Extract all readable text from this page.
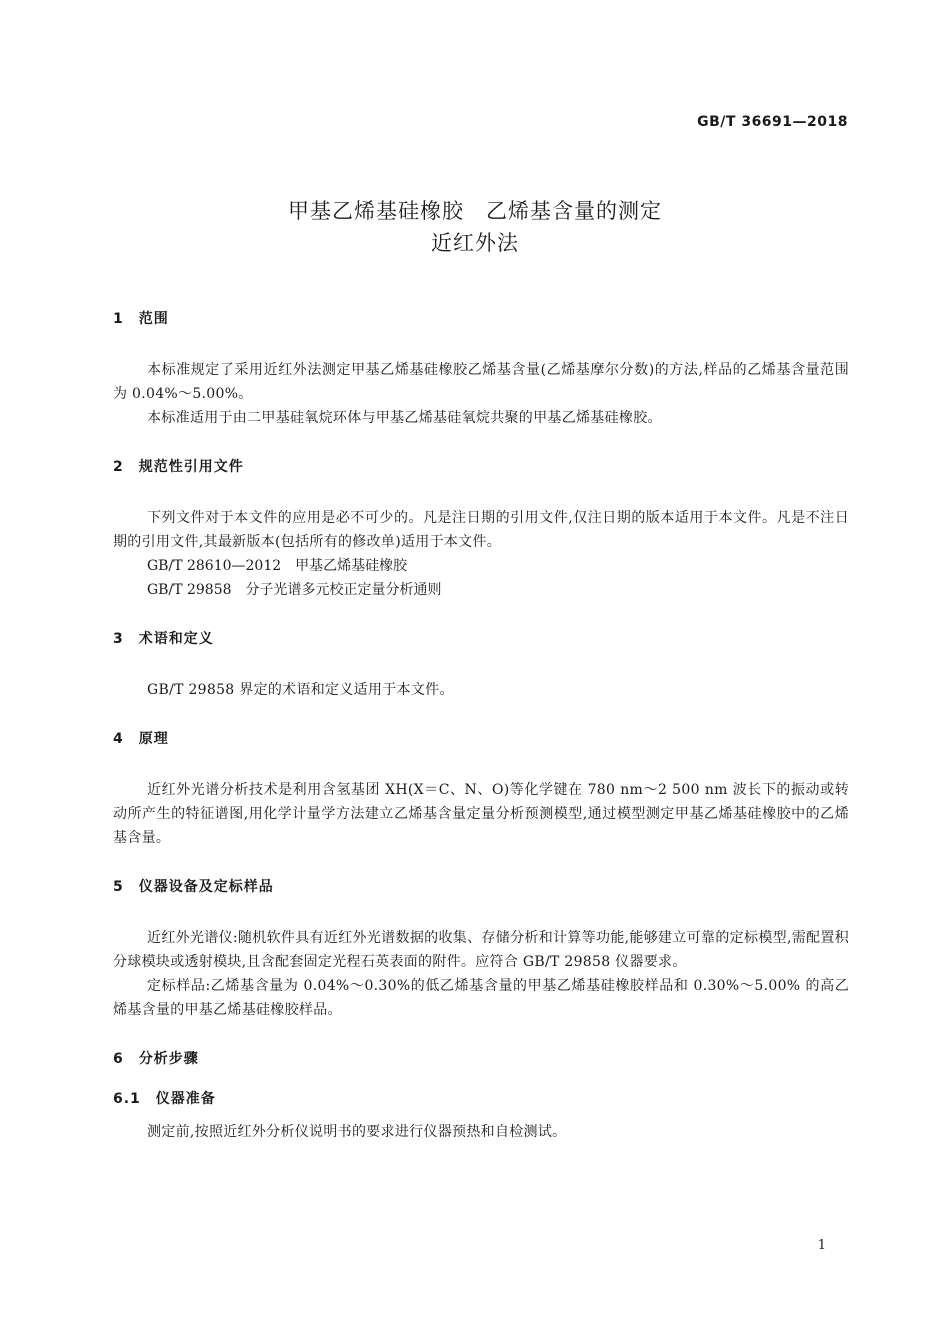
GB/T 36691—2018
甲基乙烯基硅橡胶　乙烯基含量的测定
近红外法
1　范围

本标准规定了采用近红外法测定甲基乙烯基硅橡胶乙烯基含量(乙烯基摩尔分数)的方法,样品的乙烯基含量范围为 0.04%～5.00%。

本标准适用于由二甲基硅氧烷环体与甲基乙烯基硅氧烷共聚的甲基乙烯基硅橡胶。

2　规范性引用文件

下列文件对于本文件的应用是必不可少的。凡是注日期的引用文件,仅注日期的版本适用于本文件。凡是不注日期的引用文件,其最新版本(包括所有的修改单)适用于本文件。

GB/T 28610—2012　甲基乙烯基硅橡胶

GB/T 29858　分子光谱多元校正定量分析通则

3　术语和定义

GB/T 29858 界定的术语和定义适用于本文件。

4　原理

近红外光谱分析技术是利用含氢基团 XH(X＝C、N、O)等化学键在 780 nm～2 500 nm 波长下的振动或转动所产生的特征谱图,用化学计量学方法建立乙烯基含量定量分析预测模型,通过模型测定甲基乙烯基硅橡胶中的乙烯基含量。

5　仪器设备及定标样品

近红外光谱仪:随机软件具有近红外光谱数据的收集、存储分析和计算等功能,能够建立可靠的定标模型,需配置积分球模块或透射模块,且含配套固定光程石英表面的附件。应符合 GB/T 29858 仪器要求。

定标样品:乙烯基含量为 0.04%～0.30%的低乙烯基含量的甲基乙烯基硅橡胶样品和 0.30%～5.00% 的高乙烯基含量的甲基乙烯基硅橡胶样品。

6　分析步骤
6.1　仪器准备

测定前,按照近红外分析仪说明书的要求进行仪器预热和自检测试。

1
